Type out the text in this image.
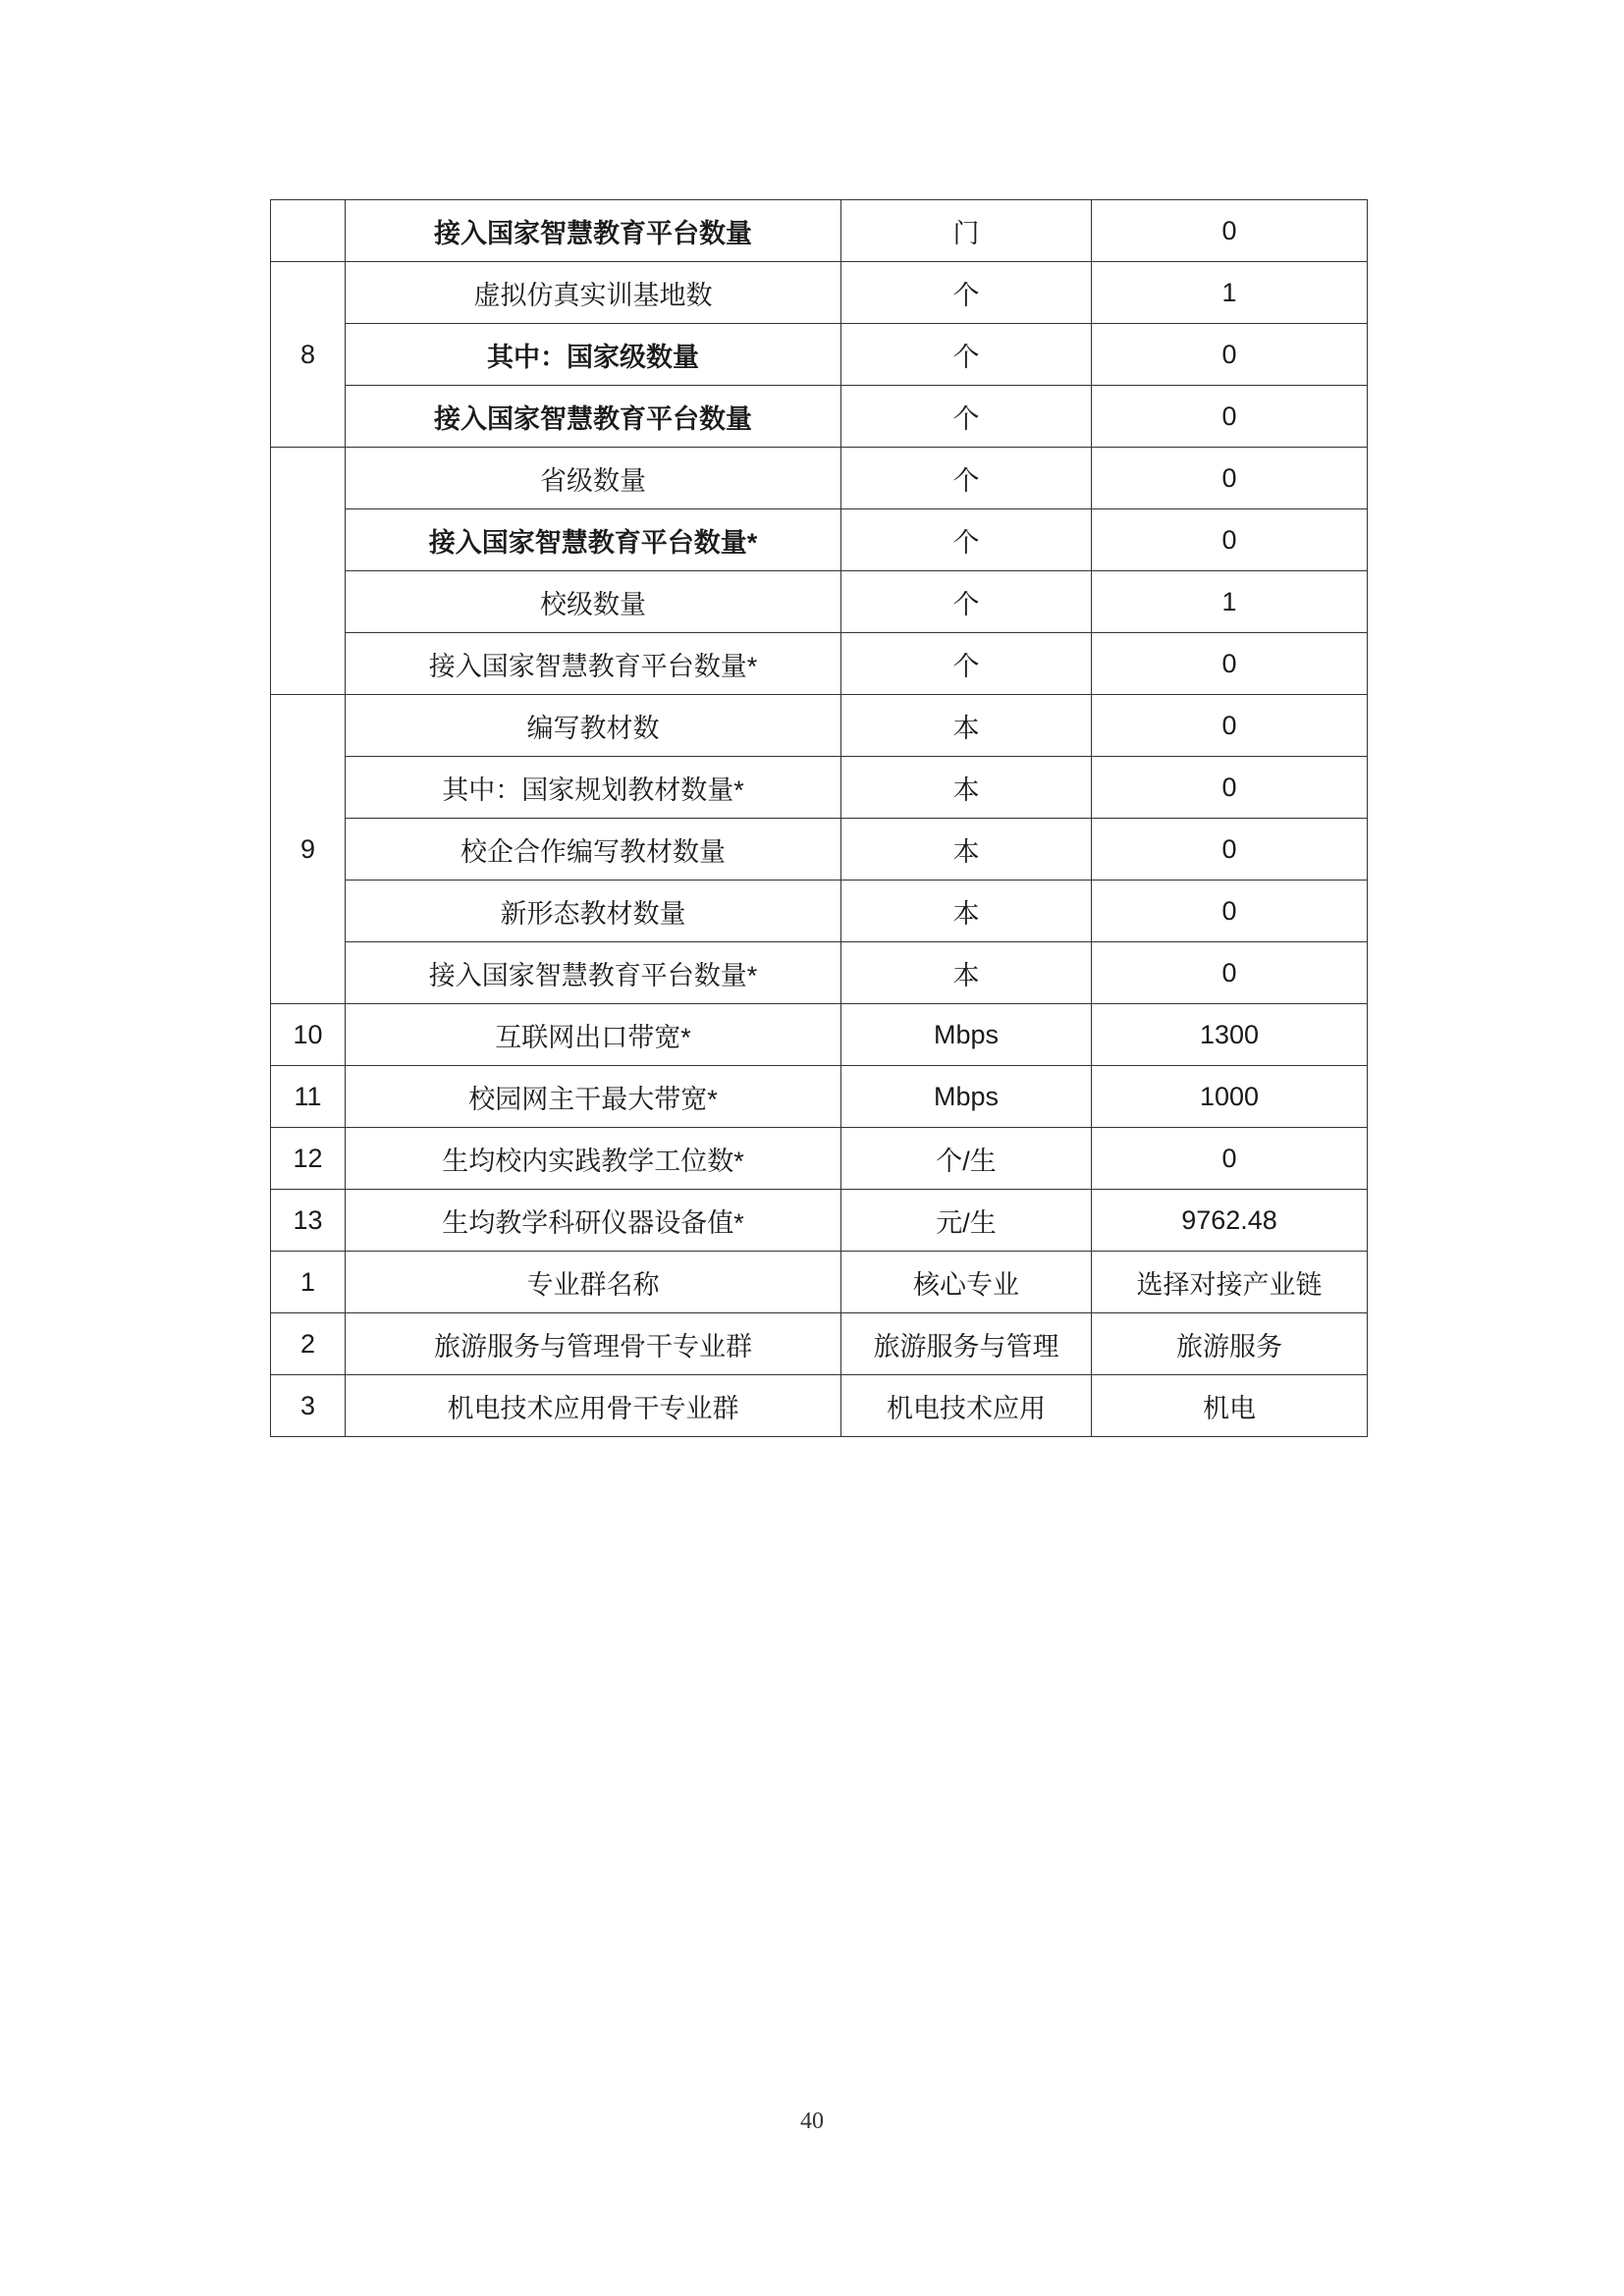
	接入国家智慧教育平台数量	门	0
8	虚拟仿真实训基地数	个	1
	其中：国家级数量	个	0
	接入国家智慧教育平台数量	个	0
	省级数量	个	0
	接入国家智慧教育平台数量*	个	0
	校级数量	个	1
	接入国家智慧教育平台数量*	个	0
9	编写教材数	本	0
	其中：国家规划教材数量*	本	0
	校企合作编写教材数量	本	0
	新形态教材数量	本	0
	接入国家智慧教育平台数量*	本	0
10	互联网出口带宽*	Mbps	1300
11	校园网主干最大带宽*	Mbps	1000
12	生均校内实践教学工位数*	个/生	0
13	生均教学科研仪器设备值*	元/生	9762.48
1	专业群名称	核心专业	选择对接产业链
2	旅游服务与管理骨干专业群	旅游服务与管理	旅游服务
3	机电技术应用骨干专业群	机电技术应用	机电
40
